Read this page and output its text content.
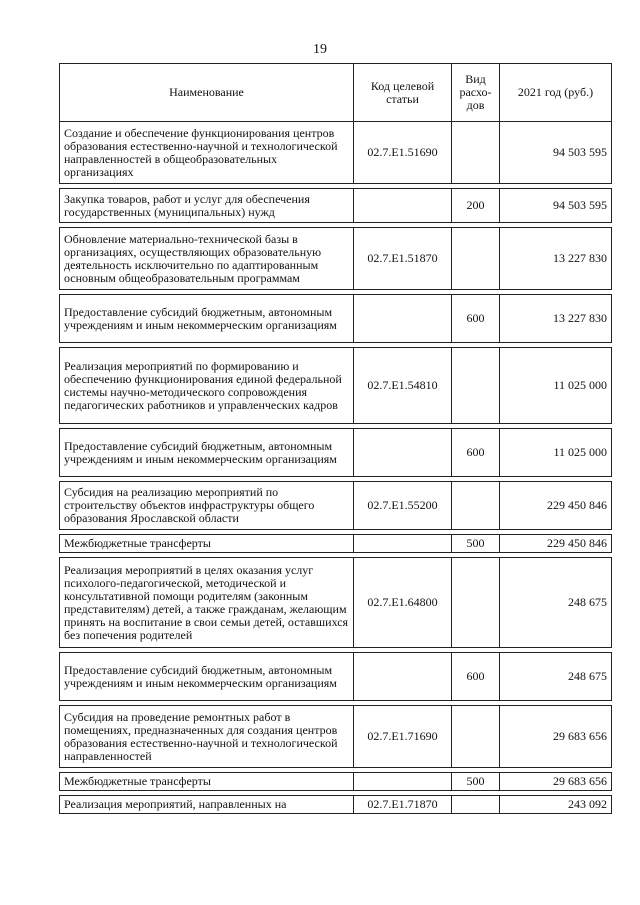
19
Наименование	Код целевой статьи	Вид расхо-дов	2021 год (руб.)
Создание и обеспечение функционирования центров образования естественно-научной и технологической направленностей в общеобразовательных организациях	02.7.E1.51690		94 503 595

Закупка товаров, работ и услуг для обеспечения государственных (муниципальных) нужд		200	94 503 595

Обновление материально-технической базы в организациях, осуществляющих образовательную деятельность исключительно по адаптированным основным общеобразовательным программам	02.7.E1.51870		13 227 830

Предоставление субсидий бюджетным, автономным учреждениям и иным некоммерческим организациям		600	13 227 830

Реализация мероприятий по формированию и обеспечению функционирования единой федеральной системы научно-методического сопровождения педагогических работников и управленческих кадров	02.7.E1.54810		11 025 000

Предоставление субсидий бюджетным, автономным учреждениям и иным некоммерческим организациям		600	11 025 000

Субсидия на реализацию мероприятий по строительству объектов инфраструктуры общего образования Ярославской области	02.7.E1.55200		229 450 846

Межбюджетные трансферты		500	229 450 846

Реализация мероприятий в целях оказания услуг психолого-педагогической, методической и консультативной помощи родителям (законным представителям) детей, а также гражданам, желающим принять на воспитание в свои семьи детей, оставшихся без попечения родителей	02.7.E1.64800		248 675

Предоставление субсидий бюджетным, автономным учреждениям и иным некоммерческим организациям		600	248 675

Субсидия на проведение ремонтных работ в помещениях, предназначенных для создания центров образования естественно-научной и технологической направленностей	02.7.E1.71690		29 683 656

Межбюджетные трансферты		500	29 683 656

Реализация мероприятий, направленных на	02.7.E1.71870		243 092
